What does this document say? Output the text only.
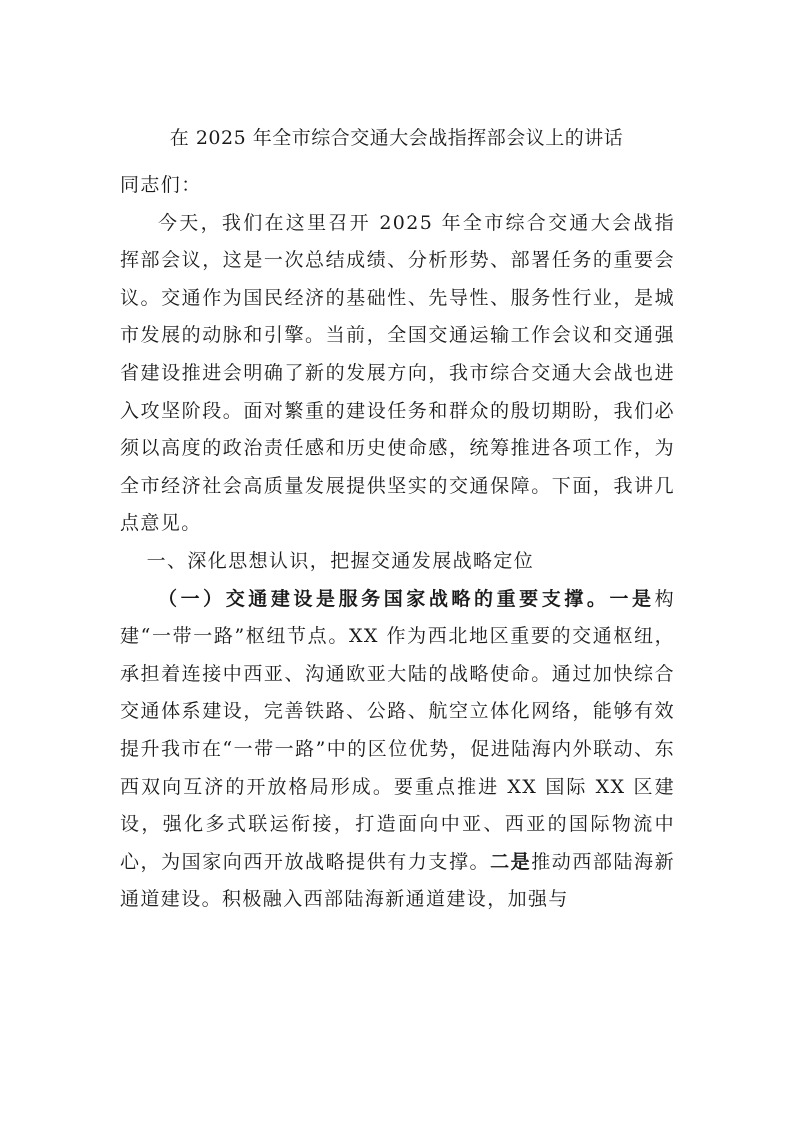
在 2025 年全市综合交通大会战指挥部会议上的讲话

同志们：

今天，我们在这里召开 2025 年全市综合交通大会战指挥部会议，这是一次总结成绩、分析形势、部署任务的重要会议。交通作为国民经济的基础性、先导性、服务性行业，是城市发展的动脉和引擎。当前，全国交通运输工作会议和交通强省建设推进会明确了新的发展方向，我市综合交通大会战也进入攻坚阶段。面对繁重的建设任务和群众的殷切期盼，我们必须以高度的政治责任感和历史使命感，统筹推进各项工作，为全市经济社会高质量发展提供坚实的交通保障。下面，我讲几点意见。

一、深化思想认识，把握交通发展战略定位

（一）交通建设是服务国家战略的重要支撑。一是构建“一带一路”枢纽节点。XX 作为西北地区重要的交通枢纽，承担着连接中西亚、沟通欧亚大陆的战略使命。通过加快综合交通体系建设，完善铁路、公路、航空立体化网络，能够有效提升我市在“一带一路”中的区位优势，促进陆海内外联动、东西双向互济的开放格局形成。要重点推进 XX 国际 XX 区建设，强化多式联运衔接，打造面向中亚、西亚的国际物流中心，为国家向西开放战略提供有力支撑。二是推动西部陆海新通道建设。积极融入西部陆海新通道建设，加强与
